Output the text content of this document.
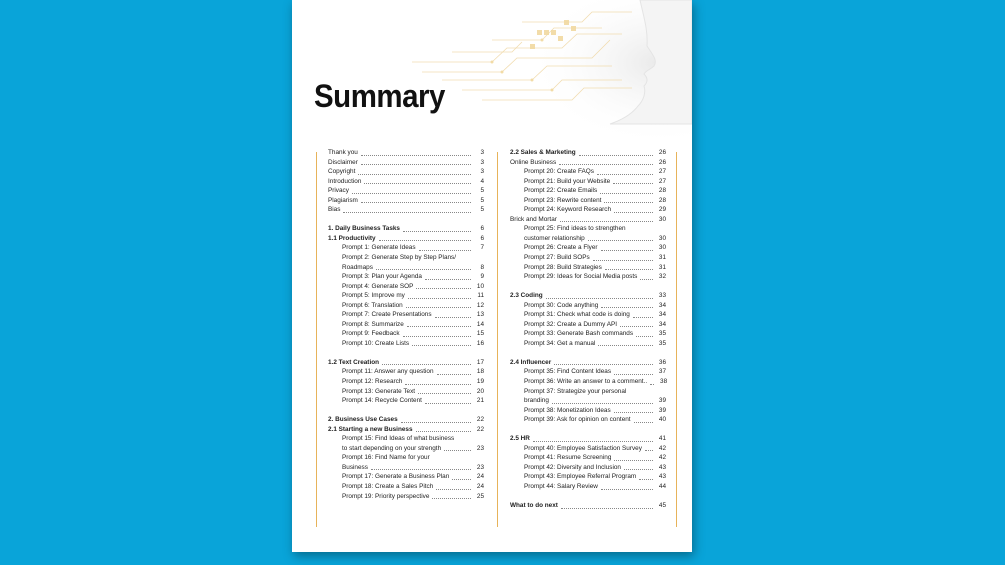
Summary
Thank you	3
Disclaimer	3
Copyright	3
Introduction	4
Privacy	5
Plagiarism	5
Bias	5
1. Daily Business Tasks	6
1.1 Productivity	6
Prompt 1: Generate Ideas	7
Prompt 2: Generate Step by Step Plans/
Roadmaps	8
Prompt 3: Plan your Agenda	9
Prompt 4: Generate SOP	10
Prompt 5: Improve my	11
Prompt 6: Translation	12
Prompt 7: Create Presentations	13
Prompt 8: Summarize	14
Prompt 9: Feedback	15
Prompt 10: Create Lists	16
1.2 Text Creation	17
Prompt 11: Answer any question	18
Prompt 12: Research	19
Prompt 13: Generate Text	20
Prompt 14: Recycle Content	21
2. Business Use Cases	22
2.1 Starting a new Business	22
Prompt 15: Find Ideas of what business
to start depending on your strength	23
Prompt 16: Find Name for your
Business	23
Prompt 17: Generate a Business Plan	24
Prompt 18: Create a Sales Pitch	24
Prompt 19: Priority perspective	25
2.2 Sales & Marketing	26
Online Business	26
Prompt 20: Create FAQs	27
Prompt 21: Build your Website	27
Prompt 22: Create Emails	28
Prompt 23: Rewrite content	28
Prompt 24: Keyword Research	29
Brick and Mortar	30
Prompt 25: Find ideas to strengthen
customer relationship	30
Prompt 26: Create a Flyer	30
Prompt 27: Build SOPs	31
Prompt 28: Build Strategies	31
Prompt 29: Ideas for Social Media posts	32
2.3 Coding	33
Prompt 30: Code anything	34
Prompt 31: Check what code is doing	34
Prompt 32: Create a Dummy API	34
Prompt 33: Generate Bash commands	35
Prompt 34: Get a manual	35
2.4 Influencer	36
Prompt 35: Find Content Ideas	37
Prompt 36: Write an answer to a comment..	38
Prompt 37: Strategize your personal
branding	39
Prompt 38: Monetization Ideas	39
Prompt 39: Ask for opinion on content	40
2.5 HR	41
Prompt 40: Employee Satisfaction Survey	42
Prompt 41: Resume Screening	42
Prompt 42: Diversity and Inclusion	43
Prompt 43: Employee Referral Program	43
Prompt 44: Salary Review	44
What to do next	45
